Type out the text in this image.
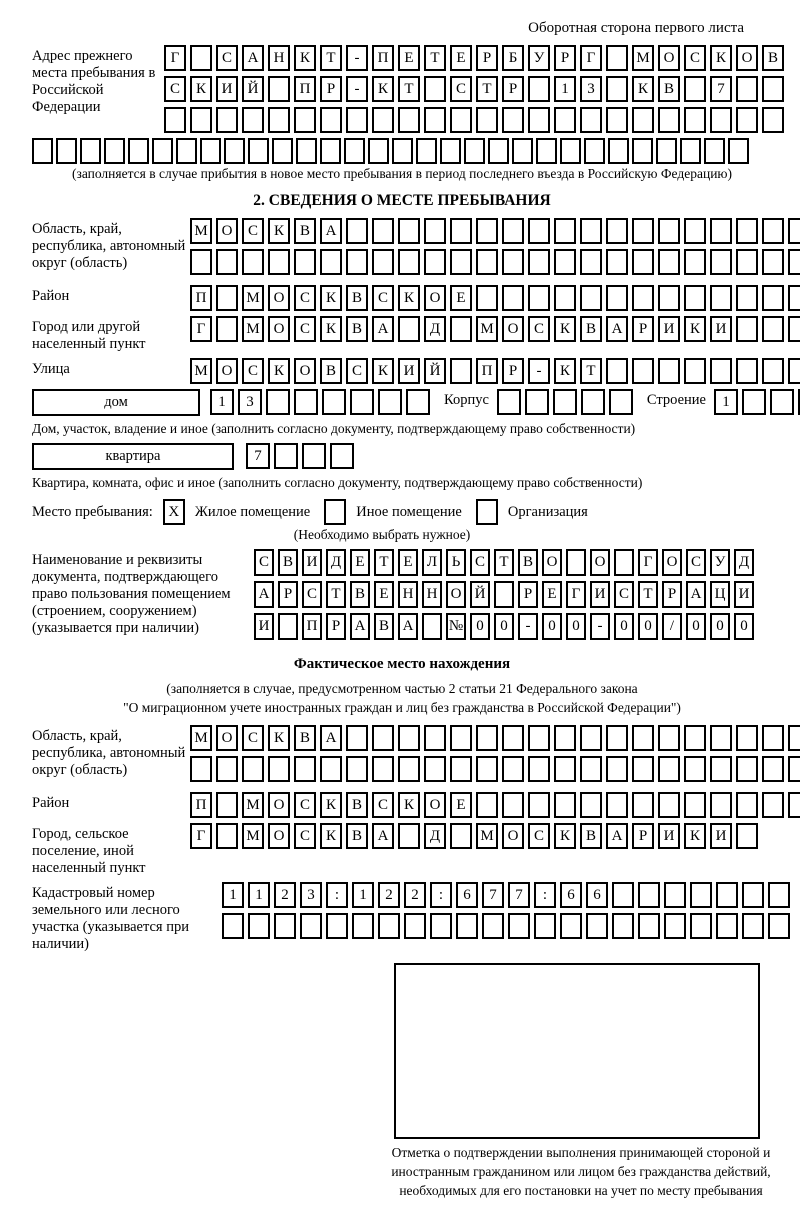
Оборотная сторона первого листа
Адрес прежнего места пребывания в Российской Федерации
Г	С	А	Н	К	Т	-	П	Е	Т	Е	Р	Б	У	Р	Г	М О	С	К	О	В
С	К	И	Й	П	Р	-	К	Т	С	Т	Р	1	3	К	В	7
(заполняется в случае прибытия в новое место пребывания в период последнего въезда в Российскую Федерацию)
2. СВЕДЕНИЯ О МЕСТЕ ПРЕБЫВАНИЯ
Область, край, республика, автономный округ (область)
М О	С	К	В	А
Район	П	М О	С	К	В	С	К	О	Е
Город или другой населенный пункт
Г	М О	С	К	В	А	Д	М О	С	К	В	А	Р	И	К	И
Улица	М О	С	К	О	В	С	К	И	Й	П	Р	-	К	Т
дом	1	3	Корпус	Строение	1
Дом, участок, владение и иное (заполнить согласно документу, подтверждающему право собственности)
квартира	7
Квартира, комната, офис и иное (заполнить согласно документу, подтверждающему право собственности)
Место пребывания:	X	Жилое помещение	Иное помещение	Организация
(Необходимо выбрать нужное)
Наименование и реквизиты документа, подтверждающего право пользования помещением (строением, сооружением) (указывается при наличии)
С В И Д Е Т Е Л Ь С Т В О	О	Г О С У Д
А Р С Т В Е Н Н О Й	Р	Е	Г И С Т	Р А Ц И
И	П Р А В А	№ 0	0	-	0	0	-	0	0	/	0	0	0
Фактическое место нахождения
(заполняется в случае, предусмотренном частью 2 статьи 21 Федерального закона
"О миграционном учете иностранных граждан и лиц без гражданства в Российской Федерации")
Область, край, республика, автономный округ (область)
М О	С	К	В	А
Район	П	М О	С	К	В	С	К	О	Е
Город, сельское поселение, иной населенный пункт
Г	М О	С	К	В	А	Д	М О	С	К	В	А	Р	И	К	И
Кадастровый номер земельного или лесного участка (указывается при наличии)
1	1	2	3	:	1	2	2	:	6	7	7	:	6	6
Отметка о подтверждении выполнения принимающей стороной и иностранным гражданином или лицом без гражданства действий, необходимых для его постановки на учет по месту пребывания
